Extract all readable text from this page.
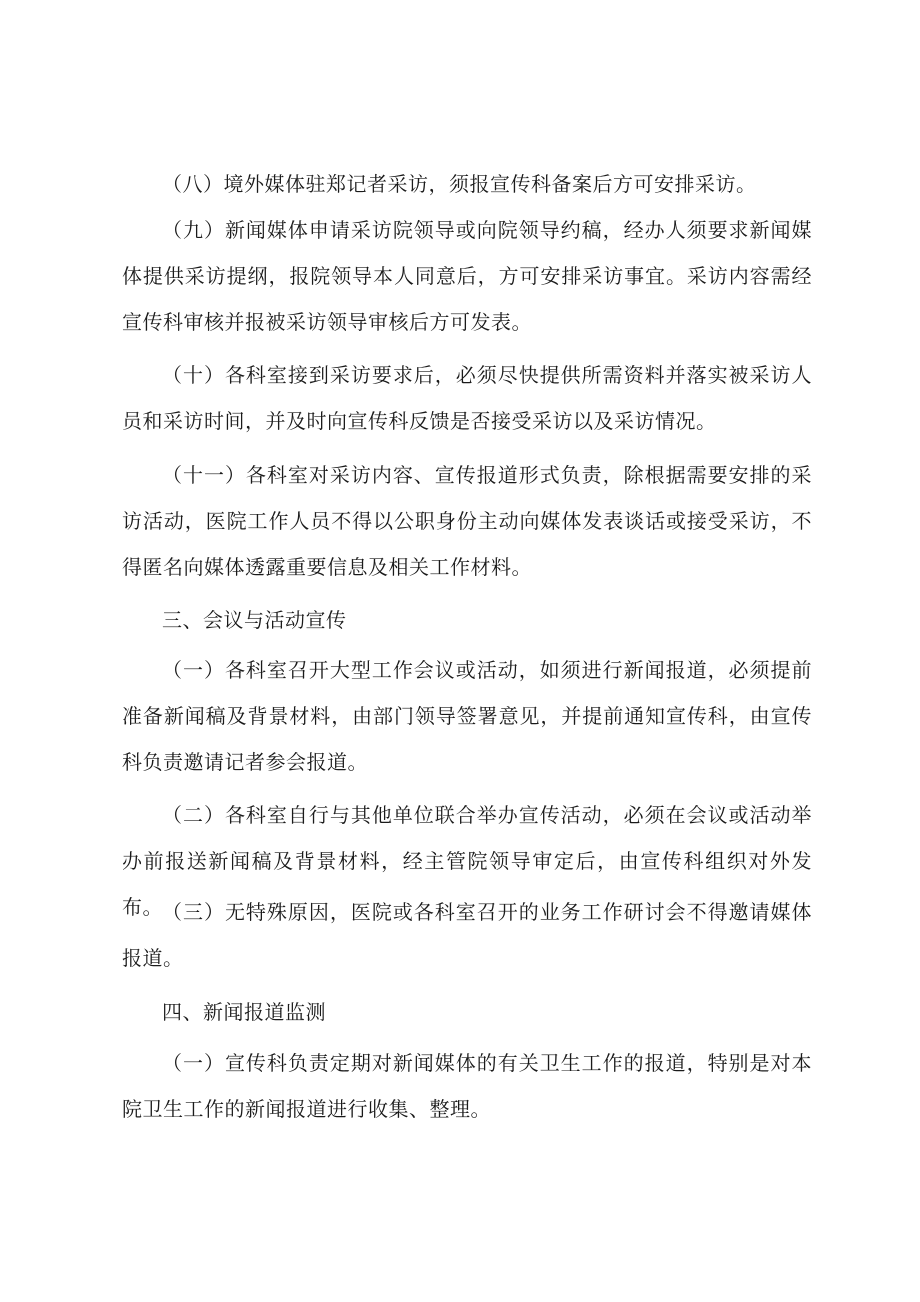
（八）境外媒体驻郑记者采访，须报宣传科备案后方可安排采访。

（九）新闻媒体申请采访院领导或向院领导约稿，经办人须要求新闻媒体提供采访提纲，报院领导本人同意后，方可安排采访事宜。采访内容需经宣传科审核并报被采访领导审核后方可发表。

（十）各科室接到采访要求后，必须尽快提供所需资料并落实被采访人员和采访时间，并及时向宣传科反馈是否接受采访以及采访情况。

（十一）各科室对采访内容、宣传报道形式负责，除根据需要安排的采访活动，医院工作人员不得以公职身份主动向媒体发表谈话或接受采访，不得匿名向媒体透露重要信息及相关工作材料。

三、会议与活动宣传

（一）各科室召开大型工作会议或活动，如须进行新闻报道，必须提前准备新闻稿及背景材料，由部门领导签署意见，并提前通知宣传科，由宣传科负责邀请记者参会报道。

（二）各科室自行与其他单位联合举办宣传活动，必须在会议或活动举办前报送新闻稿及背景材料，经主管院领导审定后，由宣传科组织对外发布。 （三）无特殊原因，医院或各科室召开的业务工作研讨会不得邀请媒体报道。

四、新闻报道监测

（一）宣传科负责定期对新闻媒体的有关卫生工作的报道，特别是对本院卫生工作的新闻报道进行收集、整理。
